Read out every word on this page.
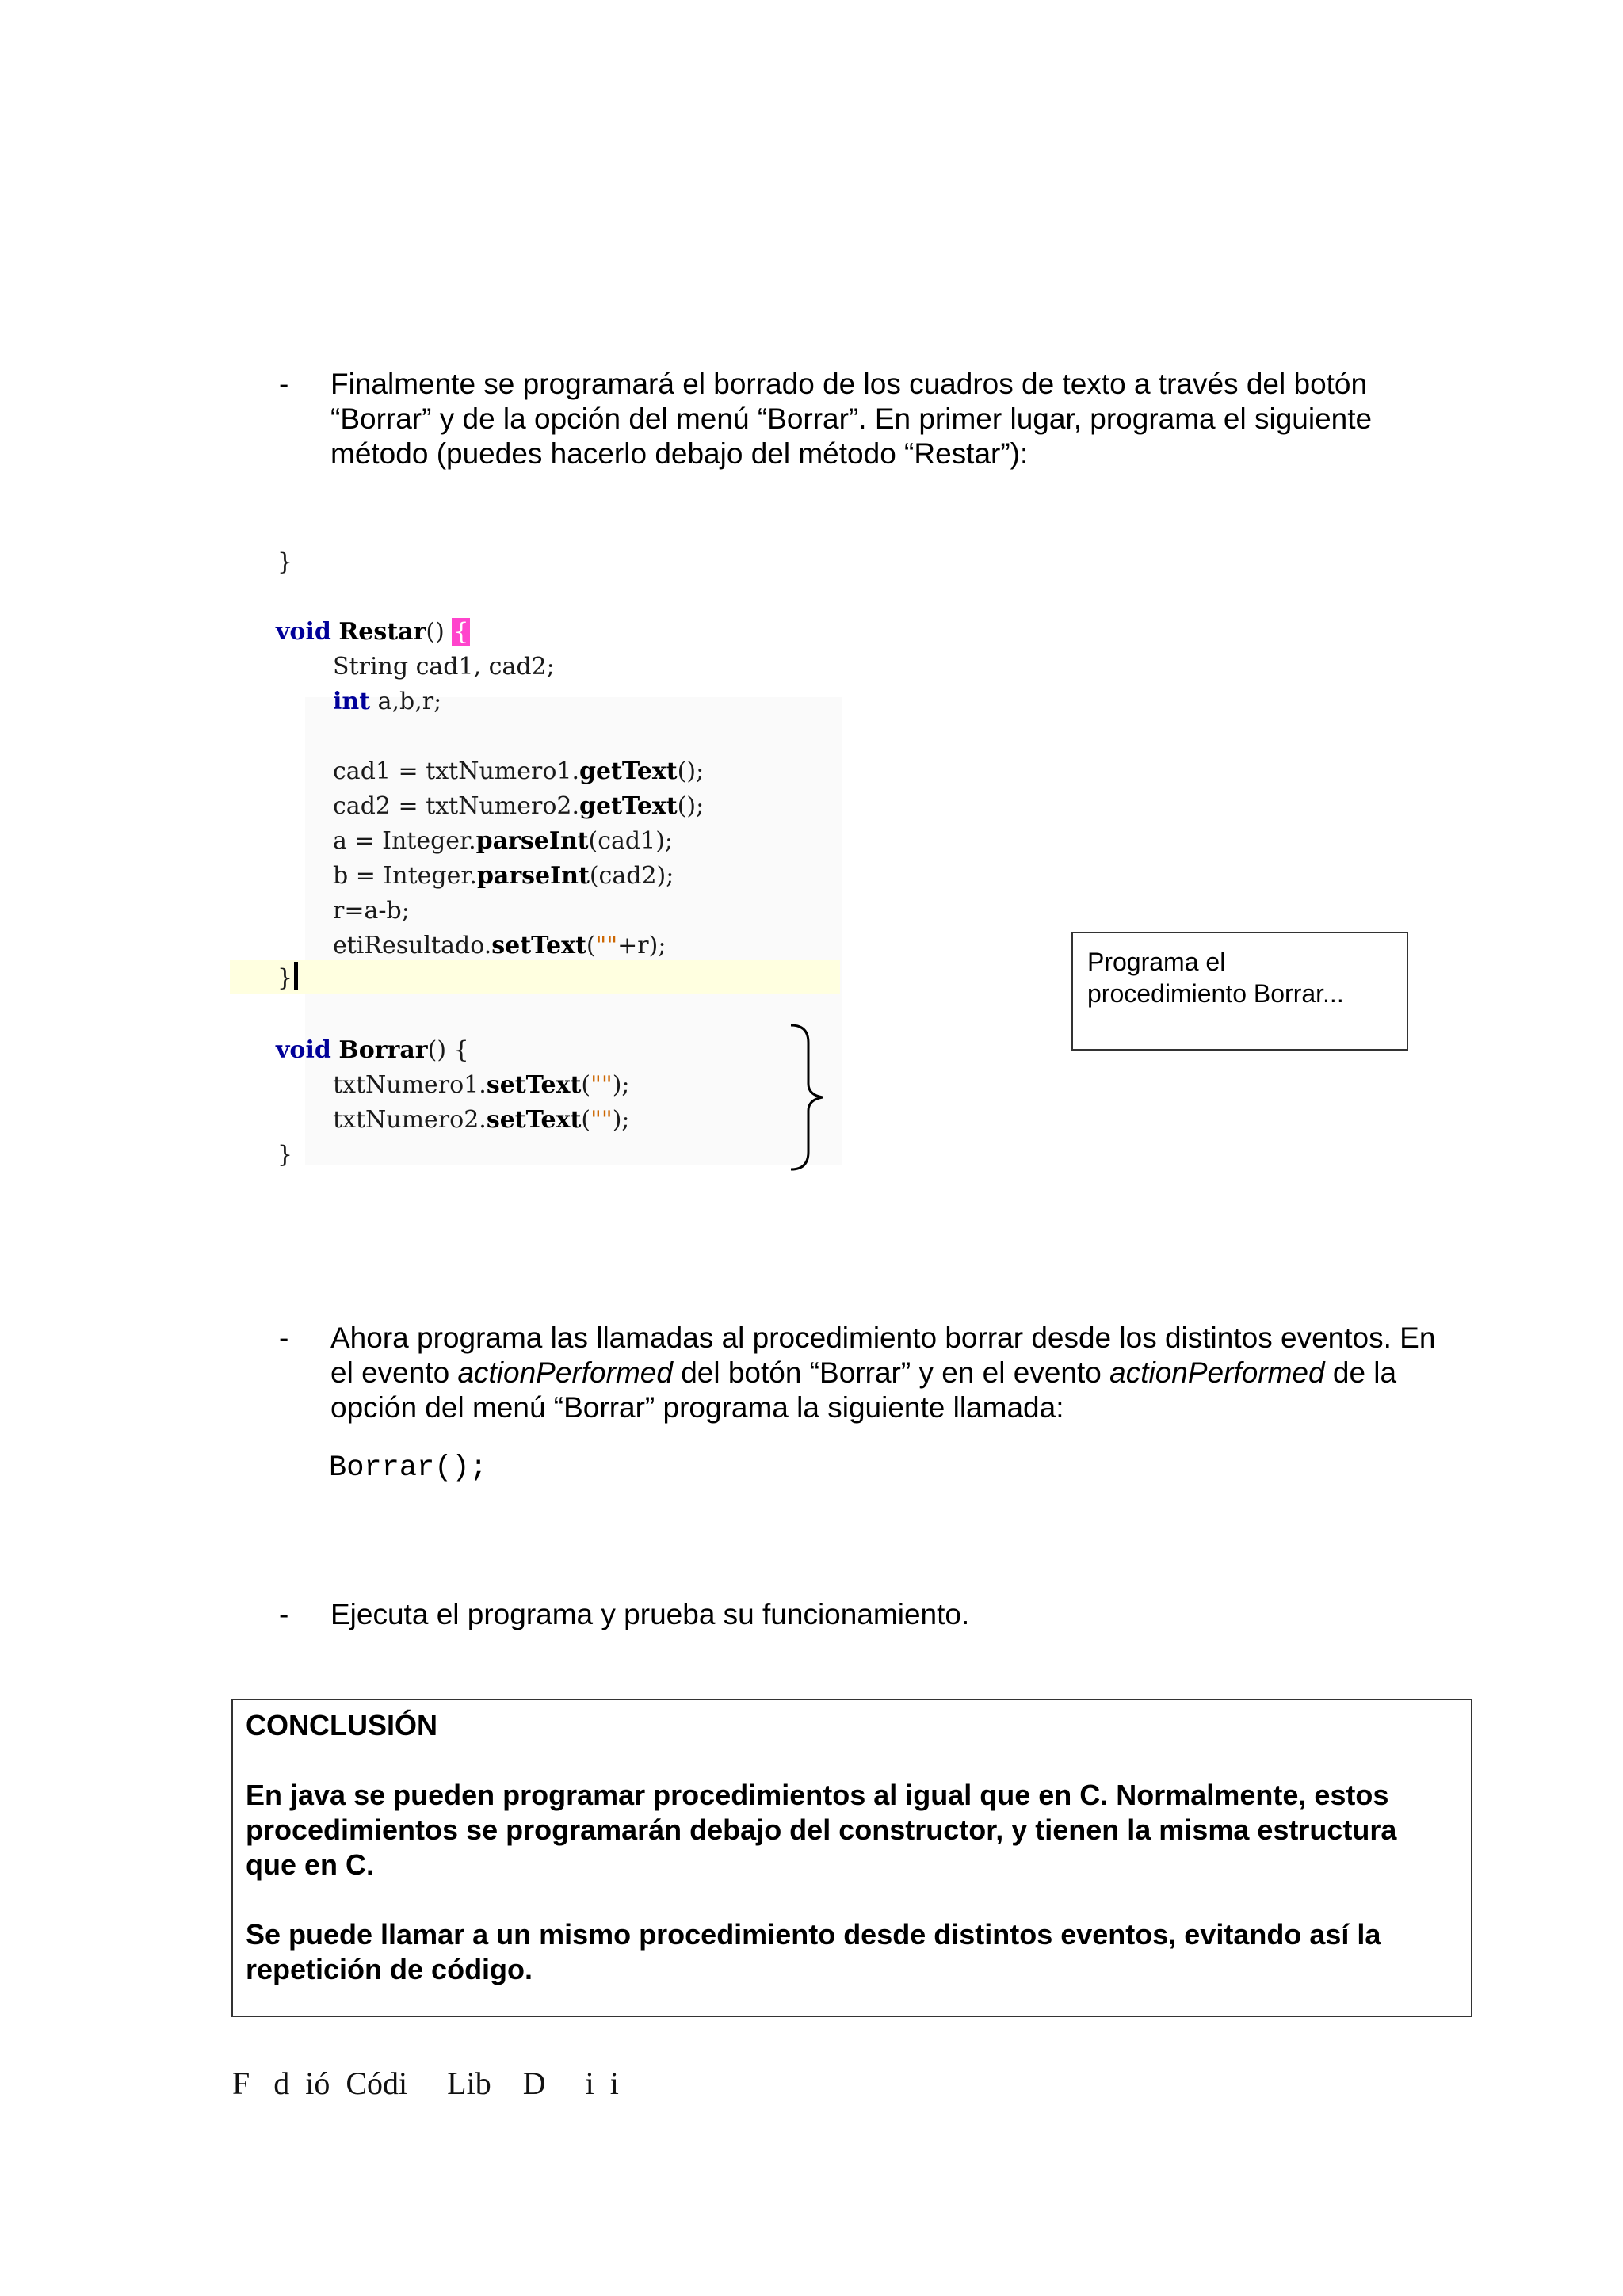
- Finalmente se programará el borrado de los cuadros de texto a través del botón
“Borrar” y de la opción del menú “Borrar”. En primer lugar, programa el siguiente
método (puedes hacerlo debajo del método “Restar”):
}
void Restar() {
String cad1, cad2;
int a,b,r;
cad1 = txtNumero1.getText();
cad2 = txtNumero2.getText();
a = Integer.parseInt(cad1);
b = Integer.parseInt(cad2);
r=a-b;
etiResultado.setText(""+r);
}
void Borrar() {
txtNumero1.setText("");
txtNumero2.setText("");
}
Programa el
procedimiento Borrar...
- Ahora programa las llamadas al procedimiento borrar desde los distintos eventos. En
el evento actionPerformed del botón “Borrar” y en el evento actionPerformed de la
opción del menú “Borrar” programa la siguiente llamada:
Borrar();
- Ejecuta el programa y prueba su funcionamiento.
CONCLUSIÓN
En java se pueden programar procedimientos al igual que en C. Normalmente, estos
procedimientos se programarán debajo del constructor, y tienen la misma estructura
que en C.
Se puede llamar a un mismo procedimiento desde distintos eventos, evitando así la
repetición de código.
F   d  ió  Códi     Lib    D     i  i
